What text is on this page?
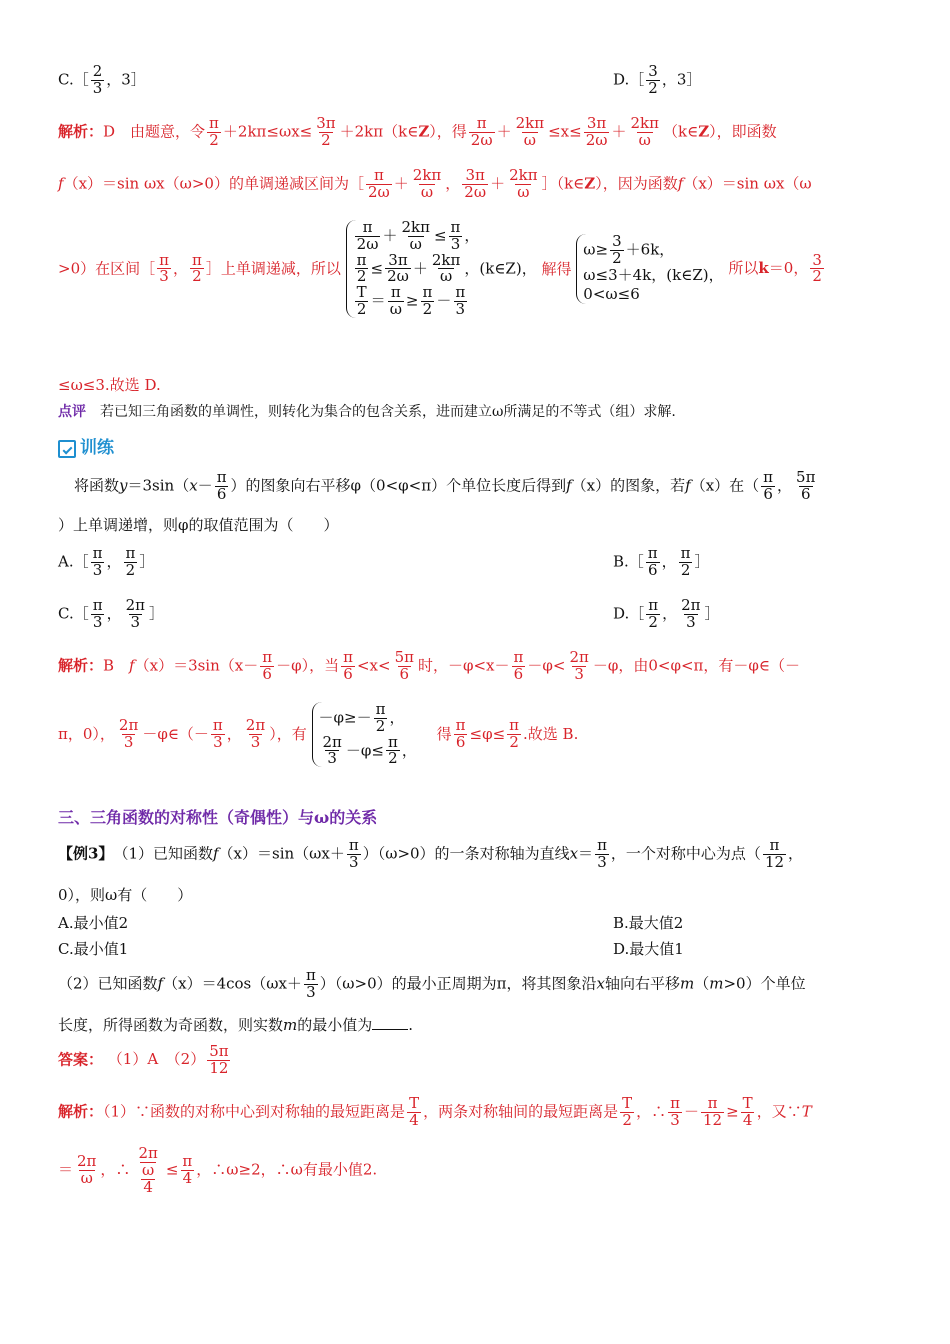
C.［ $\frac{2}{3}$ ，3］	D.［ $\frac{3}{2}$ ，3］
解析：D　由题意，令 $\frac{\pi}{2} +2k\pi\le\omega x\le \frac{3\pi}{2}$ ＋2kπ（k∈Z），得 $\frac{\pi}{2\omega} + \frac{2k\pi}{\omega} \le x\le \frac{3\pi}{2\omega} + \frac{2k\pi}{\omega}$ （k∈Z），即函数
f（x）＝sin ωx（ω>0）的单调递减区间为［ $\frac{\pi}{2\omega} + \frac{2k\pi}{\omega}$ ， $\frac{3\pi}{2\omega} + \frac{2k\pi}{\omega}$ ］（k∈Z），因为函数f（x）＝sin ωx（ω
>0）在区间［ $\frac{\pi}{3}$ ， $\frac{\pi}{2}$ ］上单调递减，所以
$\frac{\pi}{2\omega} + \frac{2k\pi}{\omega} \le \frac{\pi}{3}$ ，
$\frac{\pi}{2} \le \frac{3\pi}{2\omega} + \frac{2k\pi}{\omega}$ ，(k∈Z)，
$\frac{T}{2} = \frac{\pi}{\omega} \ge \frac{\pi}{2} - \frac{\pi}{3}$
解得
$\omega\ge \frac{3}{2} +6k$，
ω≤3＋4k，(k∈Z)，
0<ω≤6
所以k＝0， $\frac{3}{2}$
≤ω≤3.故选 D.
点评　 若已知三角函数的单调性，则转化为集合的包含关系，进而建立ω所满足的不等式（组）求解.
训练
将函数$y=3\sin(x- \frac{\pi}{6}$ ）的图象向右平移φ（0<φ<π）个单位长度后得到f（x）的图象，若f（x）在（ $\frac{\pi}{6}$ ， $\frac{5\pi}{6}$
）上单调递增，则φ的取值范围为（　　）
A.［ $\frac{\pi}{3}$ ， $\frac{\pi}{2}$ ］	B.［ $\frac{\pi}{6}$ ， $\frac{\pi}{2}$ ］
C.［ $\frac{\pi}{3}$ ， $\frac{2\pi}{3}$ ］	D.［ $\frac{\pi}{2}$ ， $\frac{2\pi}{3}$ ］
解析：B　$f(x)=3\sin(x- \frac{\pi}{6} -\varphi)$，当 $\frac{\pi}{6} <x< \frac{5\pi}{6}$ 时，$-\varphi<x- \frac{\pi}{6} -\varphi< \frac{2\pi}{3} -\varphi$，由0<φ<π，有－φ∈（－
π，0）， $\frac{2\pi}{3}$ －φ∈（－ $\frac{\pi}{3}$ ， $\frac{2\pi}{3}$ ），有
$-\varphi\ge- \frac{\pi}{2}$ ，
$\frac{2\pi}{3} -\varphi\le \frac{\pi}{2}$ ，
　得 $\frac{\pi}{6} \le\varphi\le \frac{\pi}{2}$ .故选 B.
三、三角函数的对称性（奇偶性）与ω的关系
【例3】　（1）已知函数$f(x)=\sin(\omega x+ \frac{\pi}{3} )(\omega>0)$的一条对称轴为直线$x= \frac{\pi}{3}$ ，一个对称中心为点（ $\frac{\pi}{12}$ ，
0），则ω有（　　）
A.最小值2	B.最大值2
C.最小值1	D.最大值1
（2）已知函数$f(x)=4\cos(\omega x+ \frac{\pi}{3} )(\omega>0)$的最小正周期为π，将其图象沿x轴向右平移m（m>0）个单位
长度，所得函数为奇函数，则实数m的最小值为 .
答案： （1）A　$(2) \frac{5\pi}{12}$
解析：（1）∵函数的对称中心到对称轴的最短距离是 $\frac{T}{4}$ ，两条对称轴间的最短距离是 $\frac{T}{2}$ ，∴ $\frac{\pi}{3} - \frac{\pi}{12} \ge \frac{T}{4}$ ，又∵T
＝ $\frac{2\pi}{\omega}$ ，∴ $\frac{\frac{2\pi}{\omega}}{4} \le \frac{\pi}{4}$ ，∴ω≥2，∴ω有最小值2.
